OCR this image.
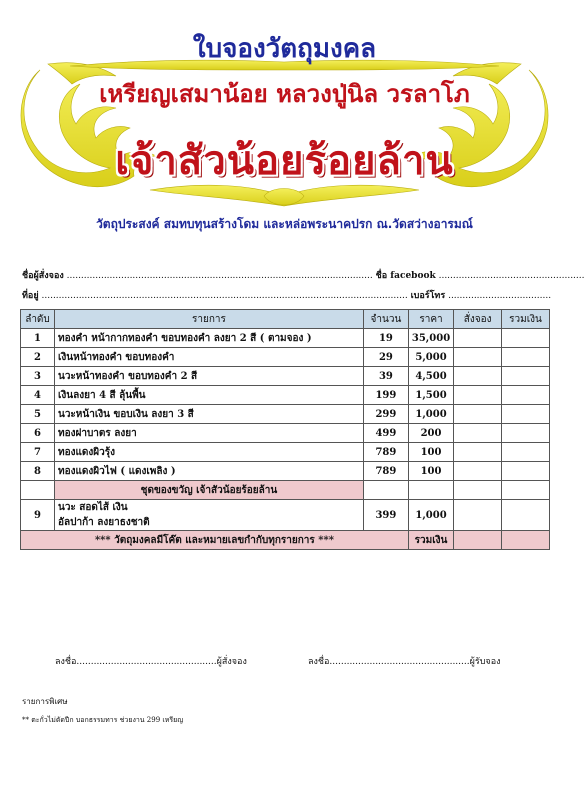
ใบจองวัตถุมงคล
เหรียญเสมาน้อย หลวงปู่นิล วรลาโภ
เจ้าสัวน้อยร้อยล้าน
วัตถุประสงค์ สมทบทุนสร้างโดม และหล่อพระนาคปรก ณ.วัดสว่างอารมณ์
ชื่อผู้สั่งจอง ........................................................................................................... ชื่อ facebook ...................................................
ที่อยู่ ................................................................................................................................ เบอร์โทร ....................................
ลำดับ	รายการ	จำนวน	ราคา	สั่งจอง	รวมเงิน
1	ทองคำ หน้ากากทองคำ ขอบทองคำ ลงยา 2 สี ( ตามจอง )	19	35,000		
2	เงินหน้าทองคำ ขอบทองคำ	29	5,000		
3	นวะหน้าทองคำ ขอบทองคำ 2 สี	39	4,500		
4	เงินลงยา 4 สี ลุ้นพื้น	199	1,500		
5	นวะหน้าเงิน ขอบเงิน ลงยา 3 สี	299	1,000		
6	ทองฝาบาตร ลงยา	499	200		
7	ทองแดงผิวรุ้ง	789	100		
8	ทองแดงผิวไฟ ( แดงเพลิง )	789	100		
	ชุดของขวัญ เจ้าสัวน้อยร้อยล้าน				
9	นวะ สอดไส้ เงิน
อัลปาก้า ลงยาธงชาติ	399	1,000		
*** วัตถุมงคลมีโค๊ต และหมายเลขกำกับทุกรายการ ***			รวมเงิน		
ลงชื่อ.................................................ผู้สั่งจอง	ลงชื่อ.................................................ผู้รับจอง
รายการพิเศษ
** ตะกั่วไม่ตัดปีก บอกธรรมทาร ช่วยงาน 299 เหรียญ
